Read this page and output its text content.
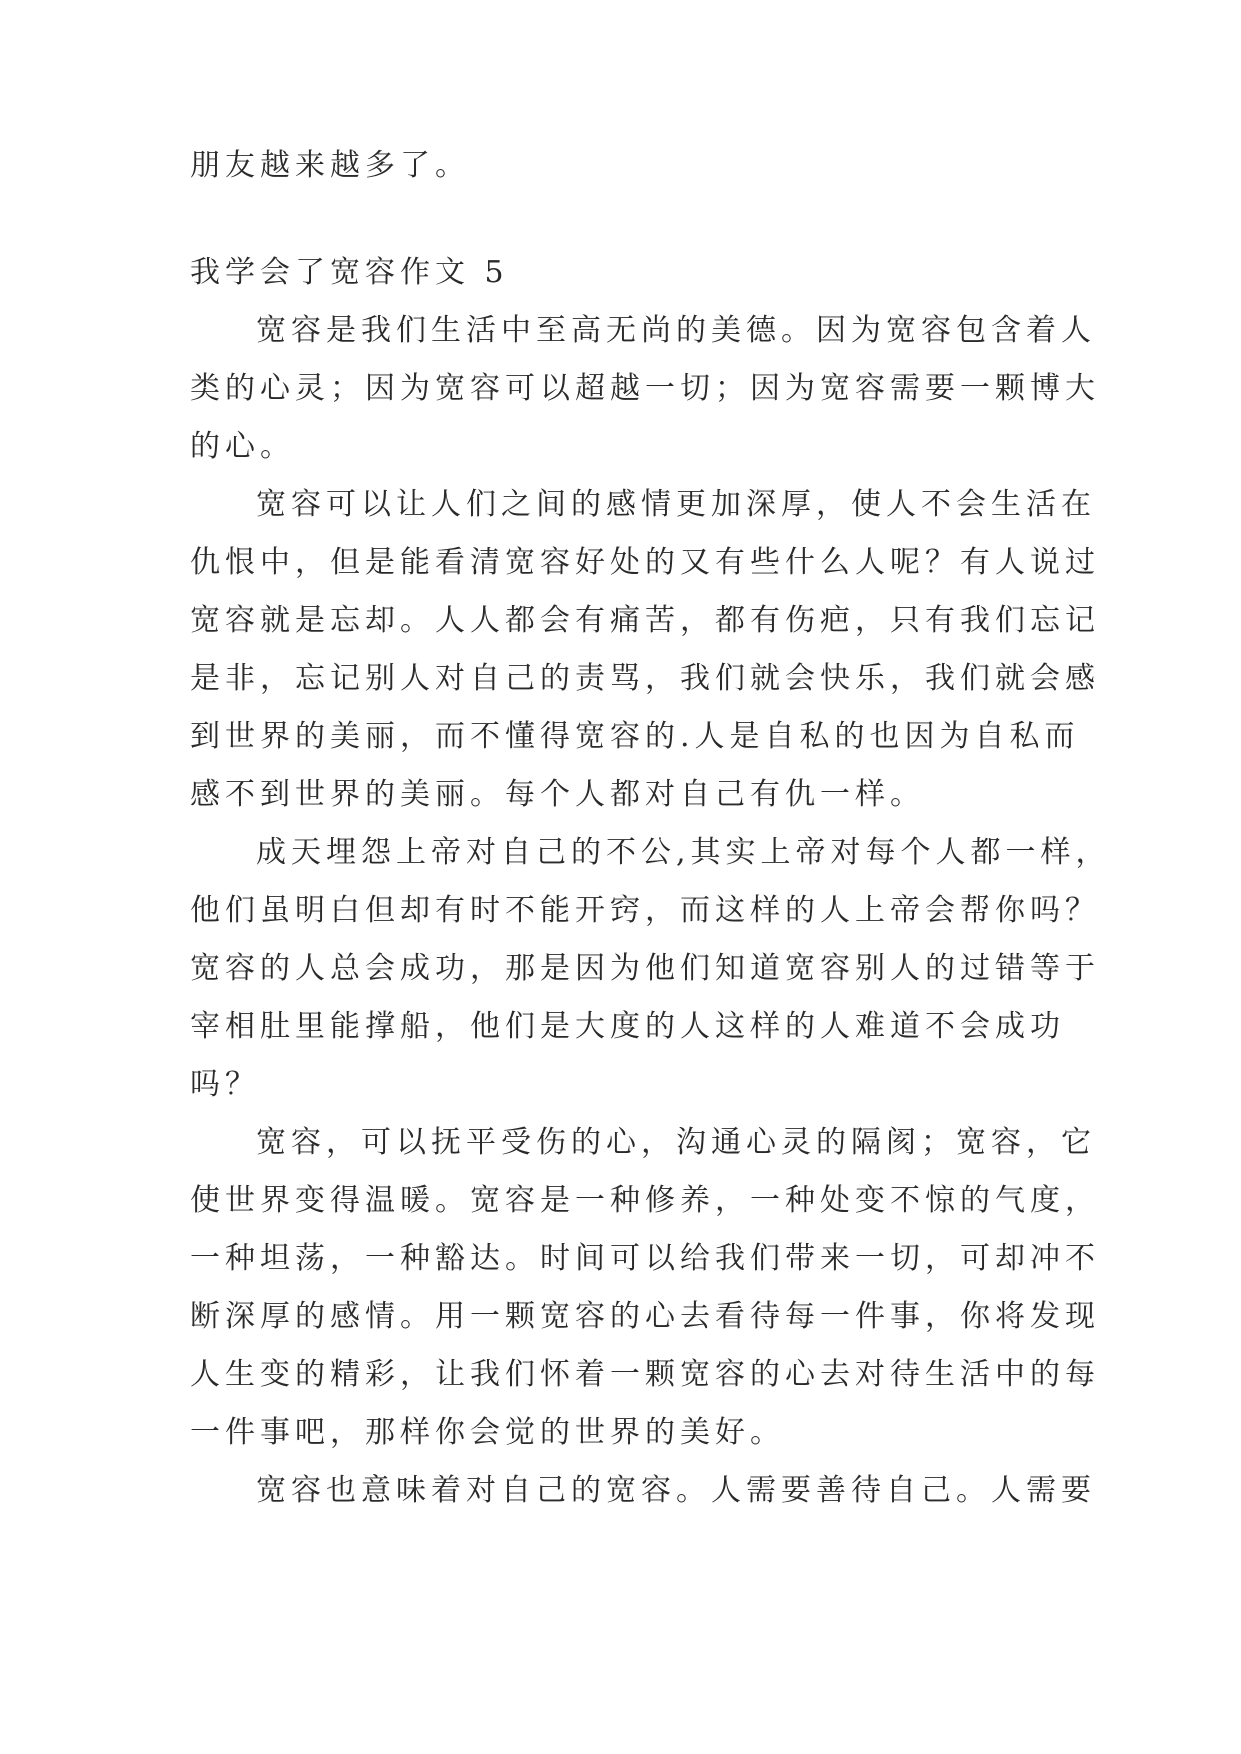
朋友越来越多了。
我学会了宽容作文 5
宽容是我们生活中至高无尚的美德。因为宽容包含着人
类的心灵；因为宽容可以超越一切；因为宽容需要一颗博大
的心。
宽容可以让人们之间的感情更加深厚，使人不会生活在
仇恨中，但是能看清宽容好处的又有些什么人呢？有人说过
宽容就是忘却。人人都会有痛苦，都有伤疤，只有我们忘记
是非，忘记别人对自己的责骂，我们就会快乐，我们就会感
到世界的美丽，而不懂得宽容的.人是自私的也因为自私而
感不到世界的美丽。每个人都对自己有仇一样。
成天埋怨上帝对自己的不公,其实上帝对每个人都一样，
他们虽明白但却有时不能开窍，而这样的人上帝会帮你吗？
宽容的人总会成功，那是因为他们知道宽容别人的过错等于
宰相肚里能撑船，他们是大度的人这样的人难道不会成功
吗？
宽容，可以抚平受伤的心，沟通心灵的隔阂；宽容，它
使世界变得温暖。宽容是一种修养，一种处变不惊的气度，
一种坦荡，一种豁达。时间可以给我们带来一切，可却冲不
断深厚的感情。用一颗宽容的心去看待每一件事，你将发现
人生变的精彩，让我们怀着一颗宽容的心去对待生活中的每
一件事吧，那样你会觉的世界的美好。
宽容也意味着对自己的宽容。人需要善待自己。人需要
